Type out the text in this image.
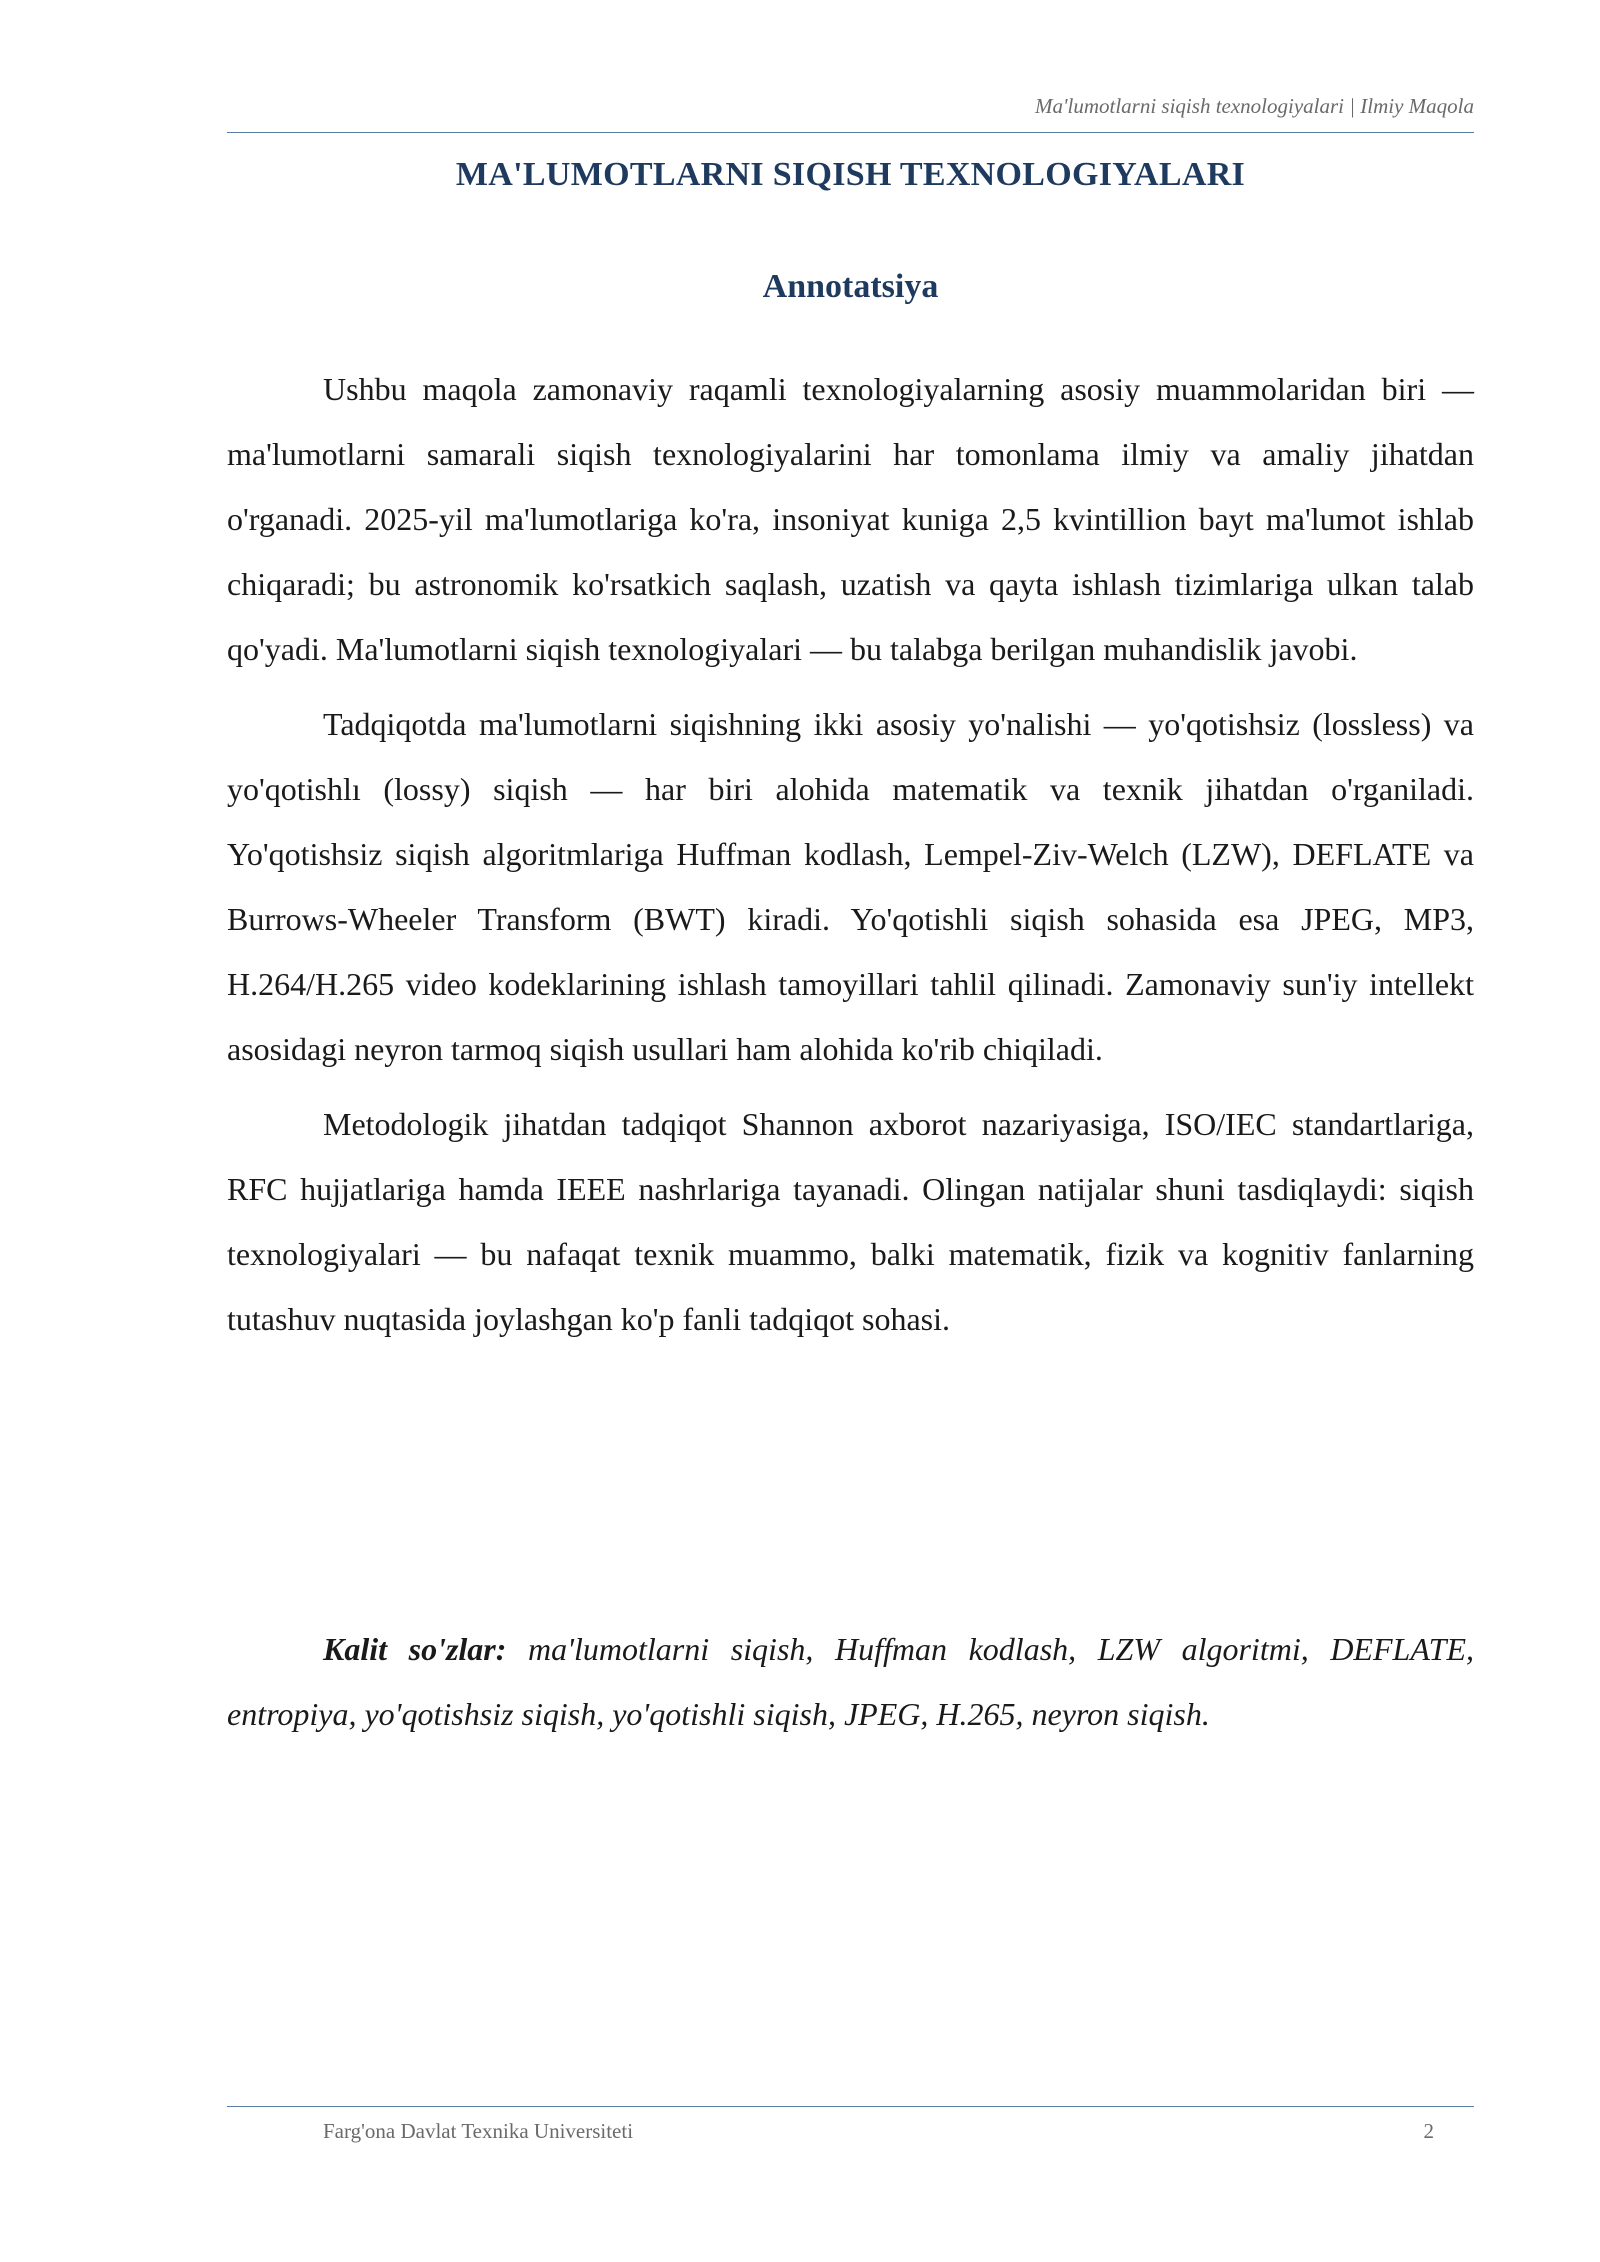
Ma'lumotlarni siqish texnologiyalari | Ilmiy Maqola
MA'LUMOTLARNI SIQISH TEXNOLOGIYALARI
Annotatsiya

Ushbu maqola zamonaviy raqamli texnologiyalarning asosiy muammolaridan biri — ma'lumotlarni samarali siqish texnologiyalarini har tomonlama ilmiy va amaliy jihatdan o'rganadi. 2025-yil ma'lumotlariga ko'ra, insoniyat kuniga 2,5 kvintillion bayt ma'lumot ishlab chiqaradi; bu astronomik ko'rsatkich saqlash, uzatish va qayta ishlash tizimlariga ulkan talab qo'yadi. Ma'lumotlarni siqish texnologiyalari — bu talabga berilgan muhandislik javobi.

Tadqiqotda ma'lumotlarni siqishning ikki asosiy yo'nalishi — yo'qotishsiz (lossless) va yo'qotishlı (lossy) siqish — har biri alohida matematik va texnik jihatdan o'rganiladi. Yo'qotishsiz siqish algoritmlariga Huffman kodlash, Lempel-Ziv-Welch (LZW), DEFLATE va Burrows-Wheeler Transform (BWT) kiradi. Yo'qotishli siqish sohasida esa JPEG, MP3, H.264/H.265 video kodeklarining ishlash tamoyillari tahlil qilinadi. Zamonaviy sun'iy intellekt asosidagi neyron tarmoq siqish usullari ham alohida ko'rib chiqiladi.

Metodologik jihatdan tadqiqot Shannon axborot nazariyasiga, ISO/IEC standartlariga, RFC hujjatlariga hamda IEEE nashrlariga tayanadi. Olingan natijalar shuni tasdiqlaydi: siqish texnologiyalari — bu nafaqat texnik muammo, balki matematik, fizik va kognitiv fanlarning tutashuv nuqtasida joylashgan ko'p fanli tadqiqot sohasi.

Kalit so'zlar: ma'lumotlarni siqish, Huffman kodlash, LZW algoritmi, DEFLATE, entropiya, yo'qotishsiz siqish, yo'qotishli siqish, JPEG, H.265, neyron siqish.

Farg'ona Davlat Texnika Universiteti	2
